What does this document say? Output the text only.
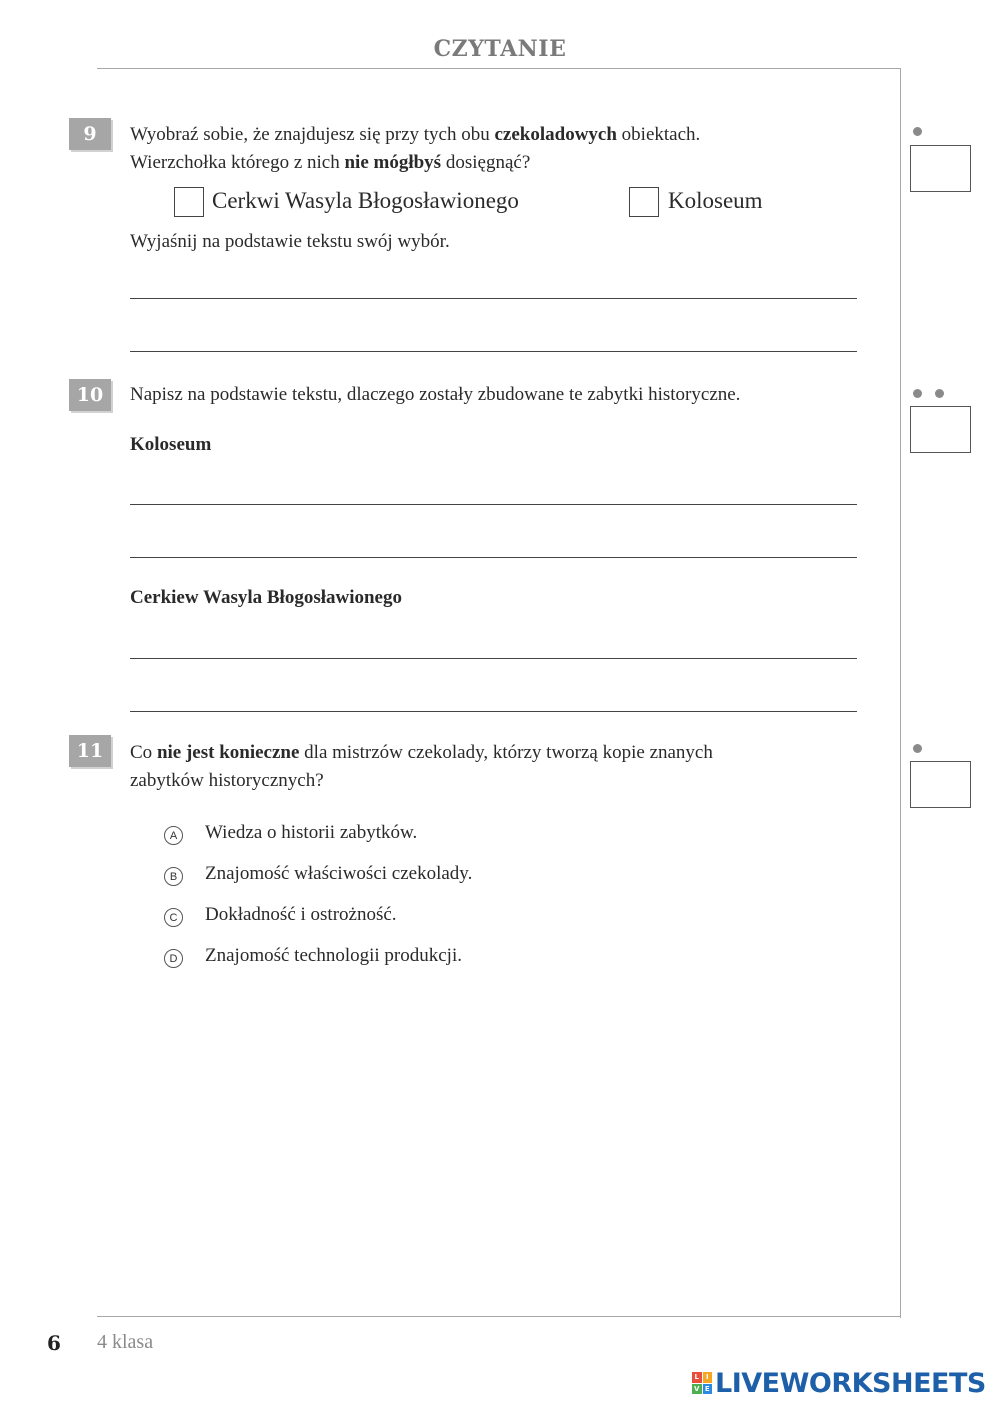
CZYTANIE
9	Wyobraź sobie, że znajdujesz się przy tych obu czekoladowych obiektach.
Wierzchołka którego z nich nie mógłbyś dosięgnąć?
Cerkwi Wasyla Błogosławionego	Koloseum
Wyjaśnij na podstawie tekstu swój wybór.
10	Napisz na podstawie tekstu, dlaczego zostały zbudowane te zabytki historyczne.
Koloseum
Cerkiew Wasyla Błogosławionego
11	Co nie jest konieczne dla mistrzów czekolady, którzy tworzą kopie znanych
zabytków historycznych?
A	Wiedza o historii zabytków.
B	Znajomość właściwości czekolady.
C Dokładność i ostrożność.
D Znajomość technologii produkcji.
6 4 klasa
L I
V E LIVEWORKSHEETS
